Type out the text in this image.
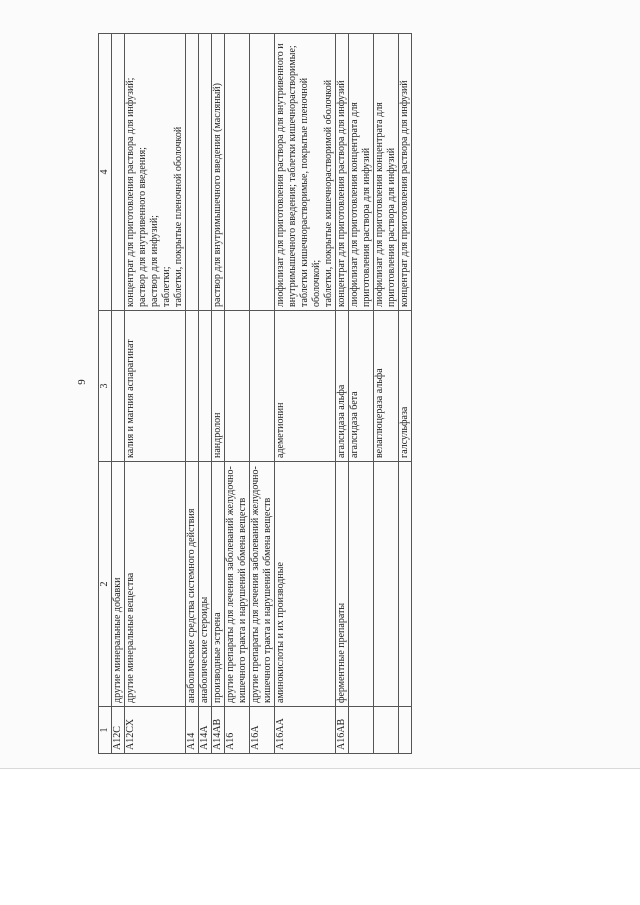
9
1	2	3	4
A12C	другие минеральные добавки		
A12CX	другие минеральные вещества	калия и магния аспарагинат	концентрат для приготовления раствора для инфузий; раствор для внутривенного введения; раствор для инфузий; таблетки; таблетки, покрытые пленочной оболочкой

A14	анаболические средства системного действия		
A14A	анаболические стероиды		
A14AB	производные эстрена	нандролон	раствор для внутримышечного введения (масляный)

A16	другие препараты для лечения заболеваний желудочно-кишечного тракта и нарушений обмена веществ		
A16A	другие препараты для лечения заболеваний желудочно-кишечного тракта и нарушений обмена веществ		
A16AA	аминокислоты и их производные	адеметионин	лиофилизат для приготовления раствора для внутривенного и внутримышечного введения; таблетки кишечнорастворимые; таблетки кишечнорастворимые, покрытые пленочной оболочкой; таблетки, покрытые кишечнорастворимой оболочкой

A16AB	ферментные препараты	агалсидаза альфа	концентрат для приготовления раствора для инфузий

		агалсидаза бета	лиофилизат для приготовления концентрата для приготовления раствора для инфузий

		велаглюцераза альфа	лиофилизат для приготовления концентрата для приготовления раствора для инфузий

		галсульфаза	концентрат для приготовления раствора для инфузий
